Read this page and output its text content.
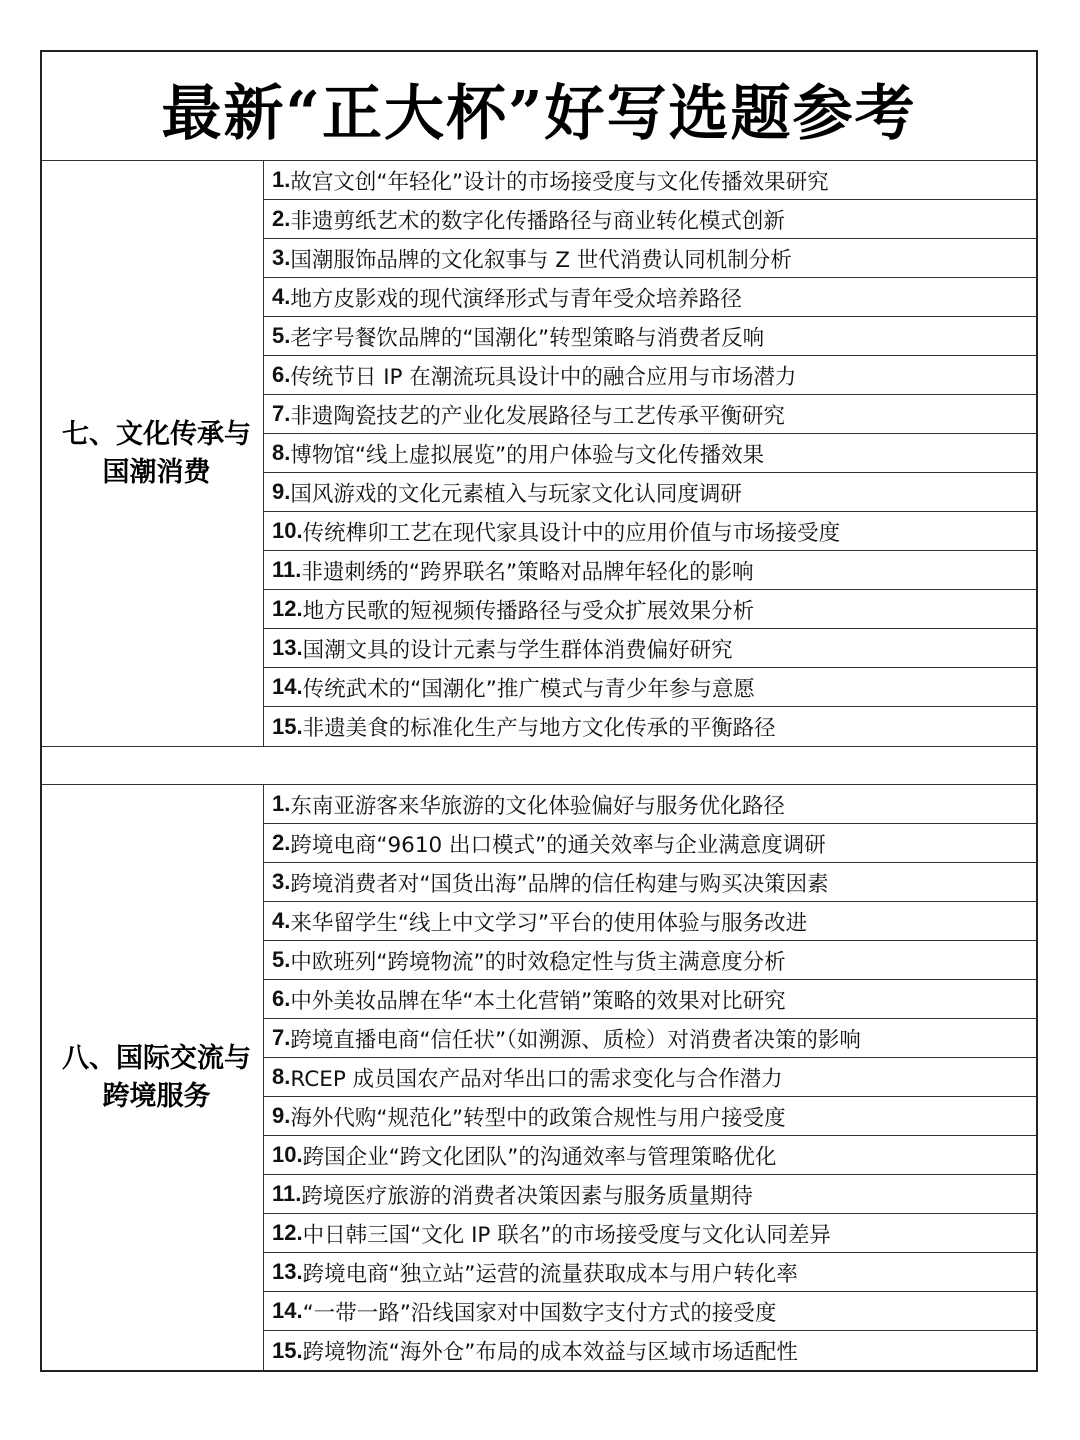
最新“正大杯”好写选题参考
七、文化传承与
国潮消费
1. 故宫文创“年轻化”设计的市场接受度与文化传播效果研究
2. 非遗剪纸艺术的数字化传播路径与商业转化模式创新
3. 国潮服饰品牌的文化叙事与 Z 世代消费认同机制分析
4. 地方皮影戏的现代演绎形式与青年受众培养路径
5. 老字号餐饮品牌的“国潮化”转型策略与消费者反响
6. 传统节日 IP 在潮流玩具设计中的融合应用与市场潜力
7. 非遗陶瓷技艺的产业化发展路径与工艺传承平衡研究
8. 博物馆“线上虚拟展览”的用户体验与文化传播效果
9. 国风游戏的文化元素植入与玩家文化认同度调研
10. 传统榫卯工艺在现代家具设计中的应用价值与市场接受度
11. 非遗刺绣的“跨界联名”策略对品牌年轻化的影响
12. 地方民歌的短视频传播路径与受众扩展效果分析
13. 国潮文具的设计元素与学生群体消费偏好研究
14. 传统武术的“国潮化”推广模式与青少年参与意愿
15. 非遗美食的标准化生产与地方文化传承的平衡路径
八、国际交流与
跨境服务
1. 东南亚游客来华旅游的文化体验偏好与服务优化路径
2. 跨境电商“9610 出口模式”的通关效率与企业满意度调研
3. 跨境消费者对“国货出海”品牌的信任构建与购买决策因素
4. 来华留学生“线上中文学习”平台的使用体验与服务改进
5. 中欧班列“跨境物流”的时效稳定性与货主满意度分析
6. 中外美妆品牌在华“本土化营销”策略的效果对比研究
7. 跨境直播电商“信任状”（如溯源、质检）对消费者决策的影响
8. RCEP 成员国农产品对华出口的需求变化与合作潜力
9. 海外代购“规范化”转型中的政策合规性与用户接受度
10. 跨国企业“跨文化团队”的沟通效率与管理策略优化
11. 跨境医疗旅游的消费者决策因素与服务质量期待
12. 中日韩三国“文化 IP 联名”的市场接受度与文化认同差异
13. 跨境电商“独立站”运营的流量获取成本与用户转化率
14. “一带一路”沿线国家对中国数字支付方式的接受度
15. 跨境物流“海外仓”布局的成本效益与区域市场适配性
